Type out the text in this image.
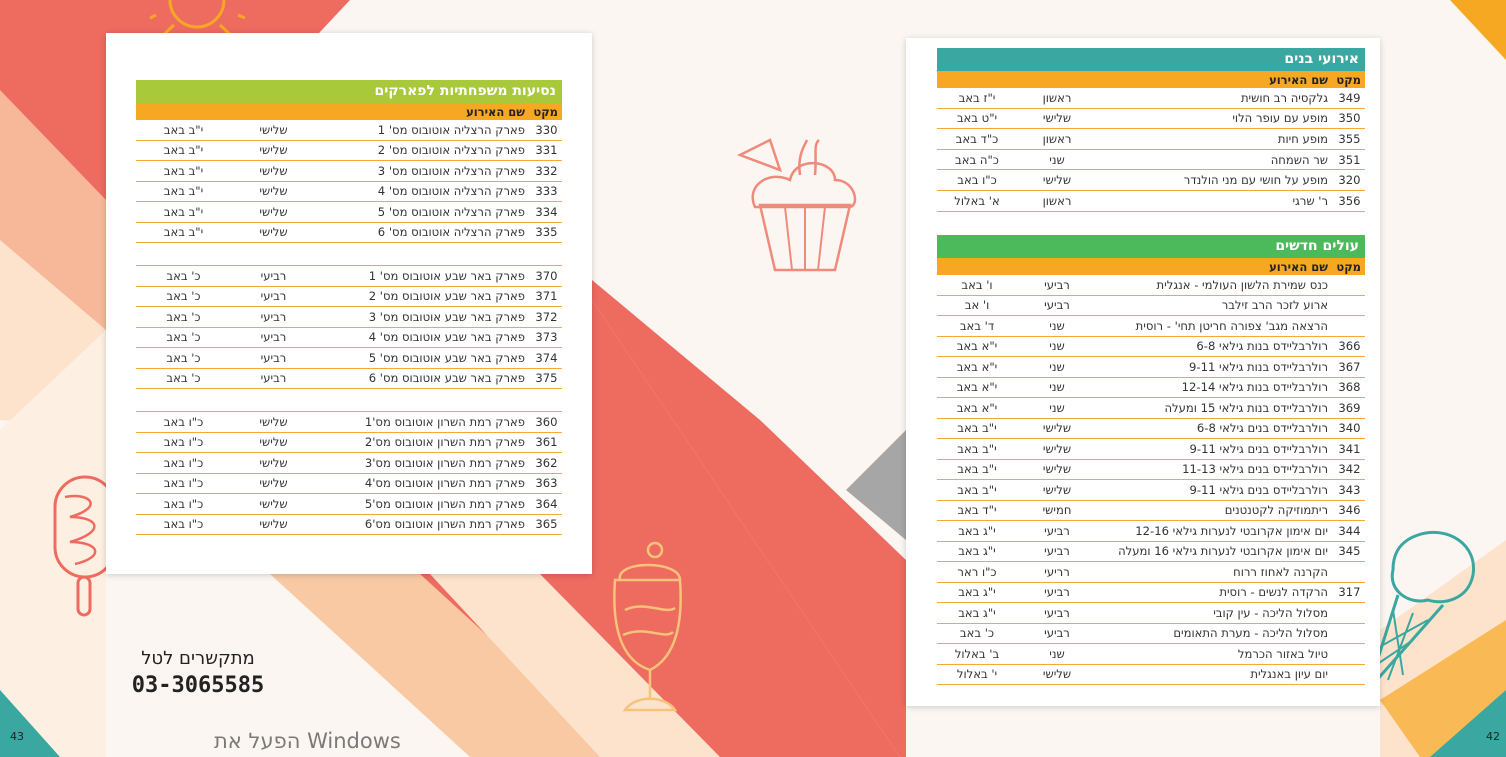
נסיעות משפחתיות לפארקים			
מקט	שם האירוע		
330	פארק הרצליה אוטובוס מס' 1	שלישי	י"ב באב
331	פארק הרצליה אוטובוס מס' 2	שלישי	י"ב באב
332	פארק הרצליה אוטובוס מס' 3	שלישי	י"ב באב
333	פארק הרצליה אוטובוס מס' 4	שלישי	י"ב באב
334	פארק הרצליה אוטובוס מס' 5	שלישי	י"ב באב
335	פארק הרצליה אוטובוס מס' 6	שלישי	י"ב באב

370	פארק באר שבע אוטובוס מס' 1	רביעי	כ' באב
371	פארק באר שבע אוטובוס מס' 2	רביעי	כ' באב
372	פארק באר שבע אוטובוס מס' 3	רביעי	כ' באב
373	פארק באר שבע אוטובוס מס' 4	רביעי	כ' באב
374	פארק באר שבע אוטובוס מס' 5	רביעי	כ' באב
375	פארק באר שבע אוטובוס מס' 6	רביעי	כ' באב

360	פארק רמת השרון אוטובוס מס'1	שלישי	כ"ו באב
361	פארק רמת השרון אוטובוס מס'2	שלישי	כ"ו באב
362	פארק רמת השרון אוטובוס מס'3	שלישי	כ"ו באב
363	פארק רמת השרון אוטובוס מס'4	שלישי	כ"ו באב
364	פארק רמת השרון אוטובוס מס'5	שלישי	כ"ו באב
365	פארק רמת השרון אוטובוס מס'6	שלישי	כ"ו באב
מתקשרים לטל
03-3065585
43
אירועי בנים			
מקט	שם האירוע		
349	גלקסיה רב חושית	ראשון	י"ז באב
350	מופע עם עופר הלוי	שלישי	י"ט באב
355	מופע חיות	ראשון	כ"ד באב
351	שר השמחה	שני	כ"ה באב
320	מופע על חושי עם מני הולנדר	שלישי	כ"ו באב
356	ר' שרגי	ראשון	א' באלול
עולים חדשים			
מקט	שם האירוע		
	כנס שמירת הלשון העולמי - אנגלית	רביעי	ו' באב
	ארוע לזכר הרב זילבר	רביעי	ו' אב
	הרצאה מגב' צפורה חריטן תחי' - רוסית	שני	ד' באב
366	רולרבליידס בנות גילאי 6-8	שני	י"א באב
367	רולרבליידס בנות גילאי 9-11	שני	י"א באב
368	רולרבליידס בנות גילאי 12-14	שני	י"א באב
369	רולרבליידס בנות גילאי 15 ומעלה	שני	י"א באב
340	רולרבליידס בנים גילאי 6-8	שלישי	י"ב באב
341	רולרבליידס בנים גילאי 9-11	שלישי	י"ב באב
342	רולרבליידס בנים גילאי 11-13	שלישי	י"ב באב
343	רולרבליידס בנים גילאי 9-11	שלישי	י"ב באב
346	ריתמוזיקה לקטנטנים	חמישי	י"ד באב
344	יום אימון אקרובטי לנערות גילאי 12-16	רביעי	י"ג באב
345	יום אימון אקרובטי לנערות גילאי 16 ומעלה	רביעי	י"ג באב
	הקרנה לאחוז ררוח	רריעי	כ"ו ראר
317	הרקדה לנשים - רוסית	רביעי	י"ג באב
	מסלול הליכה - עין קובי	רביעי	י"ג באב
	מסלול הליכה - מערת התאומים	רביעי	כ' באב
	טיול באזור הכרמל	שני	ב' באלול
	יום עיון באנגלית	שלישי	י' באלול
42
הפעל את Windows
